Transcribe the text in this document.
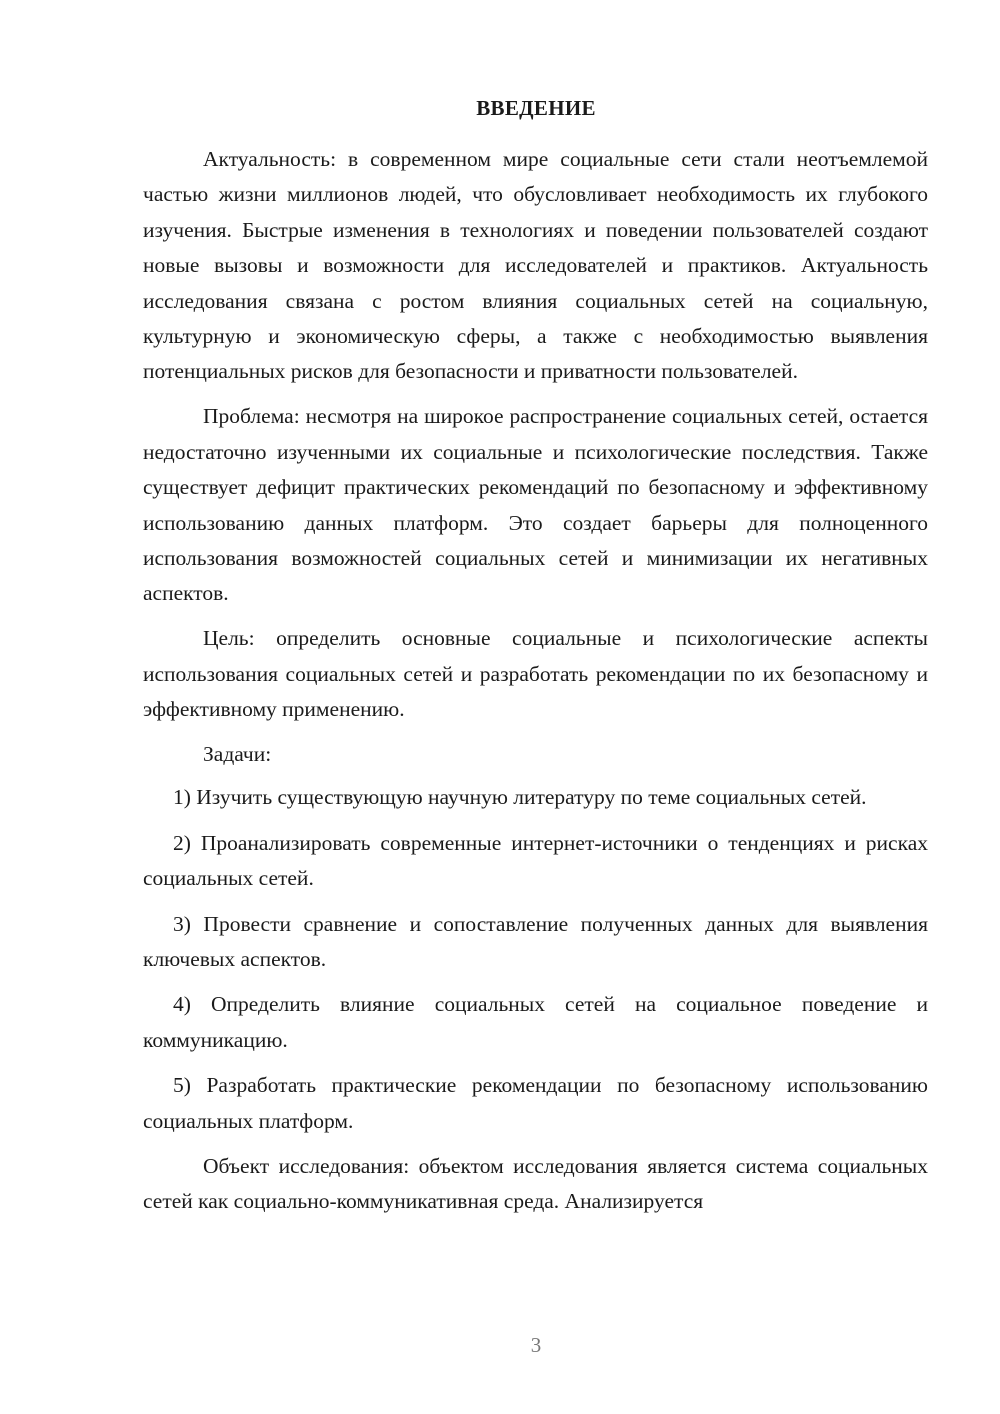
ВВЕДЕНИЕ

Актуальность: в современном мире социальные сети стали неотъемлемой частью жизни миллионов людей, что обусловливает необходимость их глубокого изучения. Быстрые изменения в технологиях и поведении пользователей создают новые вызовы и возможности для исследователей и практиков. Актуальность исследования связана с ростом влияния социальных сетей на социальную, культурную и экономическую сферы, а также с необходимостью выявления потенциальных рисков для безопасности и приватности пользователей.

Проблема: несмотря на широкое распространение социальных сетей, остается недостаточно изученными их социальные и психологические последствия. Также существует дефицит практических рекомендаций по безопасному и эффективному использованию данных платформ. Это создает барьеры для полноценного использования возможностей социальных сетей и минимизации их негативных аспектов.

Цель: определить основные социальные и психологические аспекты использования социальных сетей и разработать рекомендации по их безопасному и эффективному применению.

Задачи:

1) Изучить существующую научную литературу по теме социальных сетей.

2) Проанализировать современные интернет-источники о тенденциях и рисках социальных сетей.

3) Провести сравнение и сопоставление полученных данных для выявления ключевых аспектов.

4) Определить влияние социальных сетей на социальное поведение и коммуникацию.

5) Разработать практические рекомендации по безопасному использованию социальных платформ.

Объект исследования: объектом исследования является система социальных сетей как социально-коммуникативная среда. Анализируется

3
